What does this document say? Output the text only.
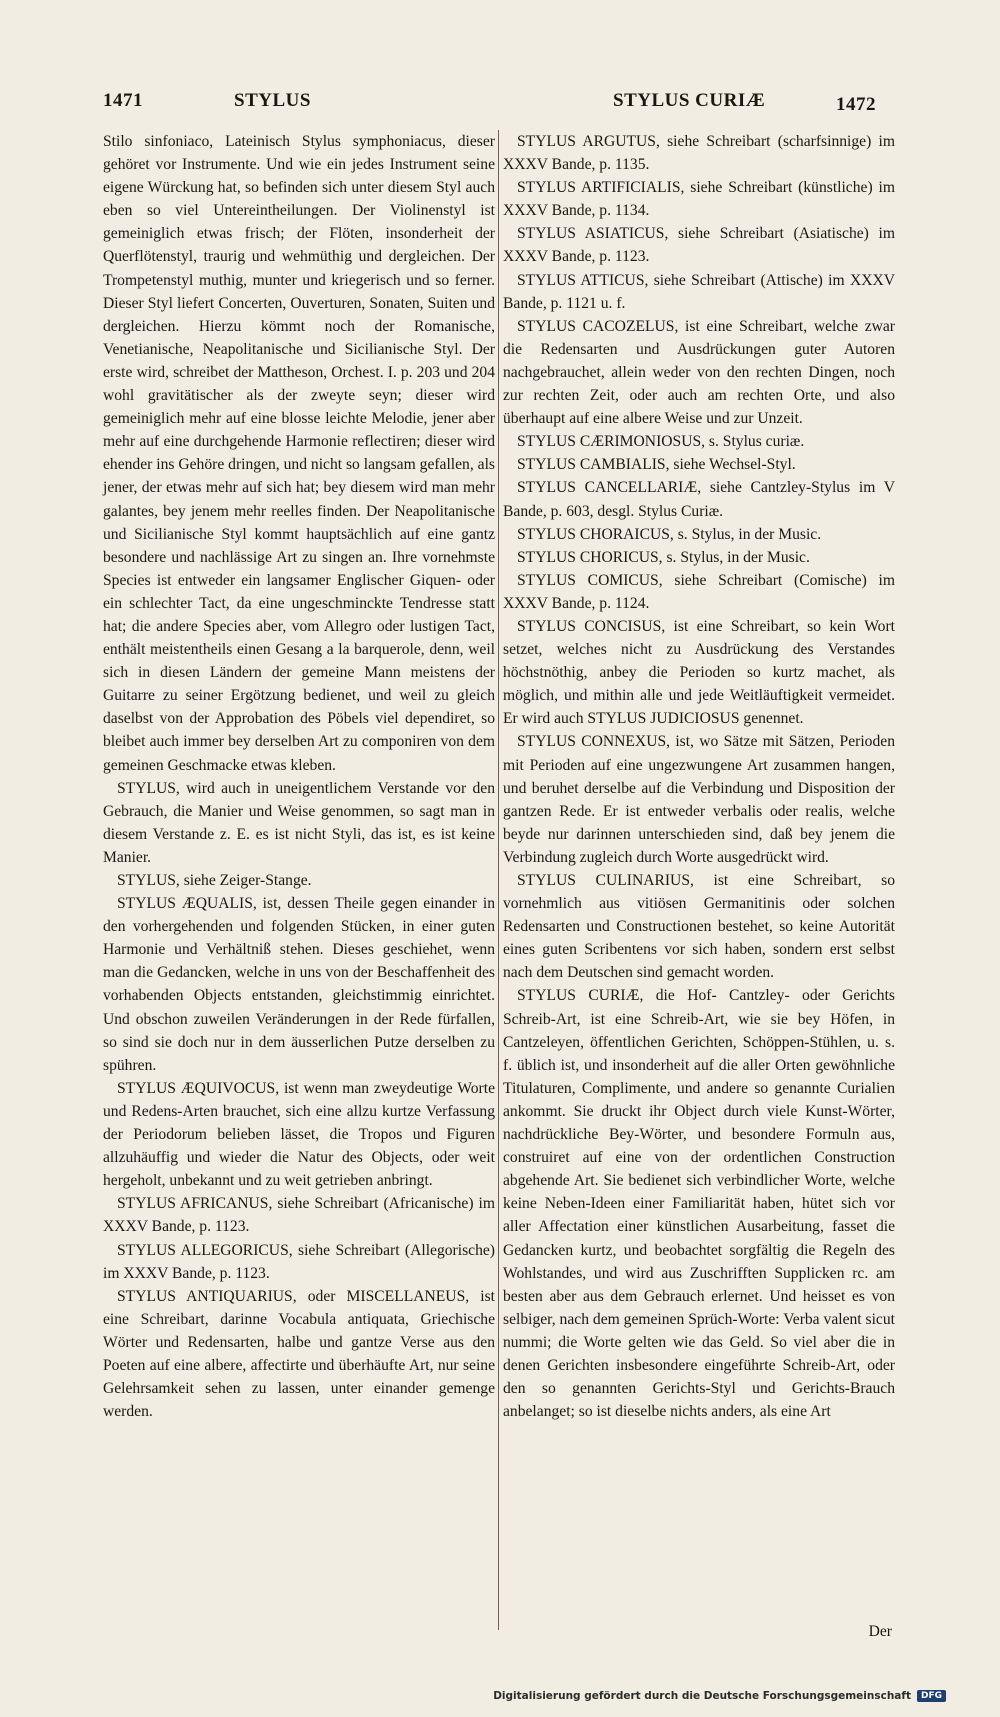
1471	STYLUS	STYLUS CURIÆ	1472

Stilo sinfoniaco, Lateinisch Stylus symphoniacus, dieser gehöret vor Instrumente. Und wie ein jedes Instrument seine eigene Würckung hat, so befinden sich unter diesem Styl auch eben so viel Untereintheilungen. Der Violinenstyl ist gemeiniglich etwas frisch; der Flöten, insonderheit der Querflötenstyl, traurig und wehmüthig und dergleichen. Der Trompetenstyl muthig, munter und kriegerisch und so ferner. Dieser Styl liefert Concerten, Ouverturen, Sonaten, Suiten und dergleichen. Hierzu kömmt noch der Romanische, Venetianische, Neapolitanische und Sicilianische Styl. Der erste wird, schreibet der Mattheson, Orchest. I. p. 203 und 204 wohl gravitätischer als der zweyte seyn; dieser wird gemeiniglich mehr auf eine blosse leichte Melodie, jener aber mehr auf eine durchgehende Harmonie reflectiren; dieser wird ehender ins Gehöre dringen, und nicht so langsam gefallen, als jener, der etwas mehr auf sich hat; bey diesem wird man mehr galantes, bey jenem mehr reelles finden. Der Neapolitanische und Sicilianische Styl kommt hauptsächlich auf eine gantz besondere und nachlässige Art zu singen an. Ihre vornehmste Species ist entweder ein langsamer Englischer Giquen- oder ein schlechter Tact, da eine ungeschminckte Tendresse statt hat; die andere Species aber, vom Allegro oder lustigen Tact, enthält meistentheils einen Gesang a la barquerole, denn, weil sich in diesen Ländern der gemeine Mann meistens der Guitarre zu seiner Ergötzung bedienet, und weil zu gleich daselbst von der Approbation des Pöbels viel dependiret, so bleibet auch immer bey derselben Art zu componiren von dem gemeinen Geschmacke etwas kleben.

STYLUS, wird auch in uneigentlichem Verstande vor den Gebrauch, die Manier und Weise genommen, so sagt man in diesem Verstande z. E. es ist nicht Styli, das ist, es ist keine Manier.

STYLUS, siehe Zeiger-Stange.

STYLUS ÆQUALIS, ist, dessen Theile gegen einander in den vorhergehenden und folgenden Stücken, in einer guten Harmonie und Verhältniß stehen. Dieses geschiehet, wenn man die Gedancken, welche in uns von der Beschaffenheit des vorhabenden Objects entstanden, gleichstimmig einrichtet. Und obschon zuweilen Veränderungen in der Rede fürfallen, so sind sie doch nur in dem äusserlichen Putze derselben zu spühren.

STYLUS ÆQUIVOCUS, ist wenn man zweydeutige Worte und Redens-Arten brauchet, sich eine allzu kurtze Verfassung der Periodorum belieben lässet, die Tropos und Figuren allzuhäuffig und wieder die Natur des Objects, oder weit hergeholt, unbekannt und zu weit getrieben anbringt.

STYLUS AFRICANUS, siehe Schreibart (Africanische) im XXXV Bande, p. 1123.

STYLUS ALLEGORICUS, siehe Schreibart (Allegorische) im XXXV Bande, p. 1123.

STYLUS ANTIQUARIUS, oder MISCELLANEUS, ist eine Schreibart, darinne Vocabula antiquata, Griechische Wörter und Redensarten, halbe und gantze Verse aus den Poeten auf eine albere, affectirte und überhäufte Art, nur seine Gelehrsamkeit sehen zu lassen, unter einander gemenge werden.

STYLUS ARGUTUS, siehe Schreibart (scharfsinnige) im XXXV Bande, p. 1135.

STYLUS ARTIFICIALIS, siehe Schreibart (künstliche) im XXXV Bande, p. 1134.

STYLUS ASIATICUS, siehe Schreibart (Asiatische) im XXXV Bande, p. 1123.

STYLUS ATTICUS, siehe Schreibart (Attische) im XXXV Bande, p. 1121 u. f.

STYLUS CACOZELUS, ist eine Schreibart, welche zwar die Redensarten und Ausdrückungen guter Autoren nachgebrauchet, allein weder von den rechten Dingen, noch zur rechten Zeit, oder auch am rechten Orte, und also überhaupt auf eine albere Weise und zur Unzeit.

STYLUS CÆRIMONIOSUS, s. Stylus curiæ.

STYLUS CAMBIALIS, siehe Wechsel-Styl.

STYLUS CANCELLARIÆ, siehe Cantzley-Stylus im V Bande, p. 603, desgl. Stylus Curiæ.

STYLUS CHORAICUS, s. Stylus, in der Music.

STYLUS CHORICUS, s. Stylus, in der Music.

STYLUS COMICUS, siehe Schreibart (Comische) im XXXV Bande, p. 1124.

STYLUS CONCISUS, ist eine Schreibart, so kein Wort setzet, welches nicht zu Ausdrückung des Verstandes höchstnöthig, anbey die Perioden so kurtz machet, als möglich, und mithin alle und jede Weitläuftigkeit vermeidet. Er wird auch STYLUS JUDICIOSUS genennet.

STYLUS CONNEXUS, ist, wo Sätze mit Sätzen, Perioden mit Perioden auf eine ungezwungene Art zusammen hangen, und beruhet derselbe auf die Verbindung und Disposition der gantzen Rede. Er ist entweder verbalis oder realis, welche beyde nur darinnen unterschieden sind, daß bey jenem die Verbindung zugleich durch Worte ausgedrückt wird.

STYLUS CULINARIUS, ist eine Schreibart, so vornehmlich aus vitiösen Germanitinis oder solchen Redensarten und Constructionen bestehet, so keine Autorität eines guten Scribentens vor sich haben, sondern erst selbst nach dem Deutschen sind gemacht worden.

STYLUS CURIÆ, die Hof- Cantzley- oder Gerichts Schreib-Art, ist eine Schreib-Art, wie sie bey Höfen, in Cantzeleyen, öffentlichen Gerichten, Schöppen-Stühlen, u. s. f. üblich ist, und insonderheit auf die aller Orten gewöhnliche Titulaturen, Complimente, und andere so genannte Curialien ankommt. Sie druckt ihr Object durch viele Kunst-Wörter, nachdrückliche Bey-Wörter, und besondere Formuln aus, construiret auf eine von der ordentlichen Construction abgehende Art. Sie bedienet sich verbindlicher Worte, welche keine Neben-Ideen einer Familiarität haben, hütet sich vor aller Affectation einer künstlichen Ausarbeitung, fasset die Gedancken kurtz, und beobachtet sorgfältig die Regeln des Wohlstandes, und wird aus Zuschrifften Supplicken rc. am besten aber aus dem Gebrauch erlernet. Und heisset es von selbiger, nach dem gemeinen Sprüch-Worte: Verba valent sicut nummi; die Worte gelten wie das Geld. So viel aber die in denen Gerichten insbesondere eingeführte Schreib-Art, oder den so genannten Gerichts-Styl und Gerichts-Brauch anbelanget; so ist dieselbe nichts anders, als eine Art

Der
Digitalisierung gefördert durch die Deutsche Forschungsgemeinschaft	DFG
